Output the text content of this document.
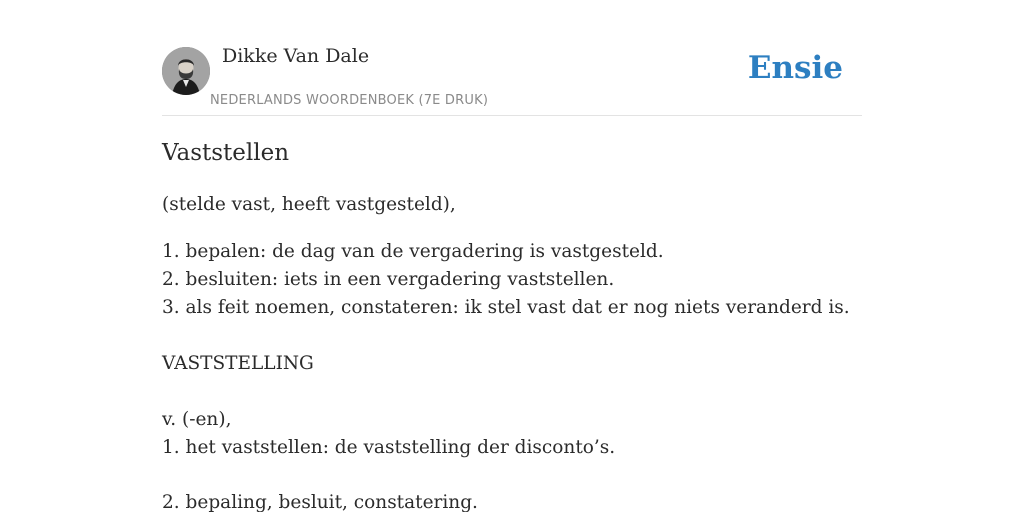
Dikke Van Dale
NEDERLANDS WOORDENBOEK (7E DRUK)
Ensie
Vaststellen
(stelde vast, heeft vastgesteld),
1. bepalen: de dag van de vergadering is vastgesteld.
2. besluiten: iets in een vergadering vaststellen.
3. als feit noemen, constateren: ik stel vast dat er nog niets veranderd is.
VASTSTELLING
v. (-en),
1. het vaststellen: de vaststelling der disconto’s.
2. bepaling, besluit, constatering.
